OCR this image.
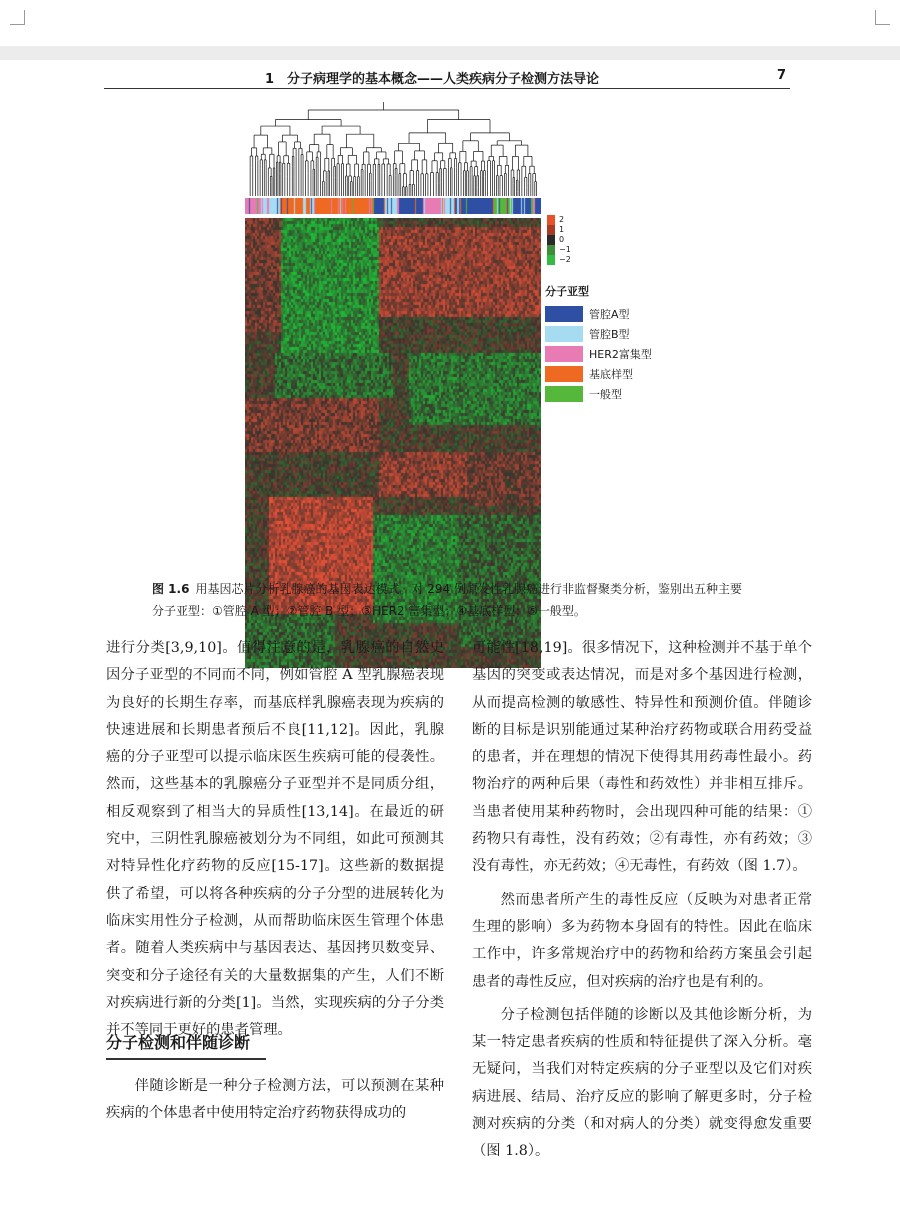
1　分子病理学的基本概念——人类疾病分子检测方法导论	7
2
1
0
−1
−2
分子亚型
管腔A型
管腔B型
HER2富集型
基底样型
一般型
图 1.6 用基因芯片分析乳腺癌的基因表达模式。对 294 例原发性乳腺癌进行非监督聚类分析，鉴别出五种主要分子亚型：①管腔 A 型；②管腔 B 型；③HER2 富集型；④基底样型；⑤一般型。

进行分类[3,9,10]。值得注意的是，乳腺癌的自然史因分子亚型的不同而不同，例如管腔 A 型乳腺癌表现为良好的长期生存率，而基底样乳腺癌表现为疾病的快速进展和长期患者预后不良[11,12]。因此，乳腺癌的分子亚型可以提示临床医生疾病可能的侵袭性。然而，这些基本的乳腺癌分子亚型并不是同质分组，相反观察到了相当大的异质性[13,14]。在最近的研究中，三阴性乳腺癌被划分为不同组，如此可预测其对特异性化疗药物的反应[15-17]。这些新的数据提供了希望，可以将各种疾病的分子分型的进展转化为临床实用性分子检测，从而帮助临床医生管理个体患者。随着人类疾病中与基因表达、基因拷贝数变异、突变和分子途径有关的大量数据集的产生，人们不断对疾病进行新的分类[1]。当然，实现疾病的分子分类并不等同于更好的患者管理。

分子检测和伴随诊断

伴随诊断是一种分子检测方法，可以预测在某种疾病的个体患者中使用特定治疗药物获得成功的

可能性[18,19]。很多情况下，这种检测并不基于单个基因的突变或表达情况，而是对多个基因进行检测，从而提高检测的敏感性、特异性和预测价值。伴随诊断的目标是识别能通过某种治疗药物或联合用药受益的患者，并在理想的情况下使得其用药毒性最小。药物治疗的两种后果（毒性和药效性）并非相互排斥。当患者使用某种药物时，会出现四种可能的结果：①药物只有毒性，没有药效；②有毒性，亦有药效；③没有毒性，亦无药效；④无毒性，有药效（图 1.7）。

然而患者所产生的毒性反应（反映为对患者正常生理的影响）多为药物本身固有的特性。因此在临床工作中，许多常规治疗中的药物和给药方案虽会引起患者的毒性反应，但对疾病的治疗也是有利的。

分子检测包括伴随的诊断以及其他诊断分析，为某一特定患者疾病的性质和特征提供了深入分析。毫无疑问，当我们对特定疾病的分子亚型以及它们对疾病进展、结局、治疗反应的影响了解更多时，分子检测对疾病的分类（和对病人的分类）就变得愈发重要（图 1.8）。
